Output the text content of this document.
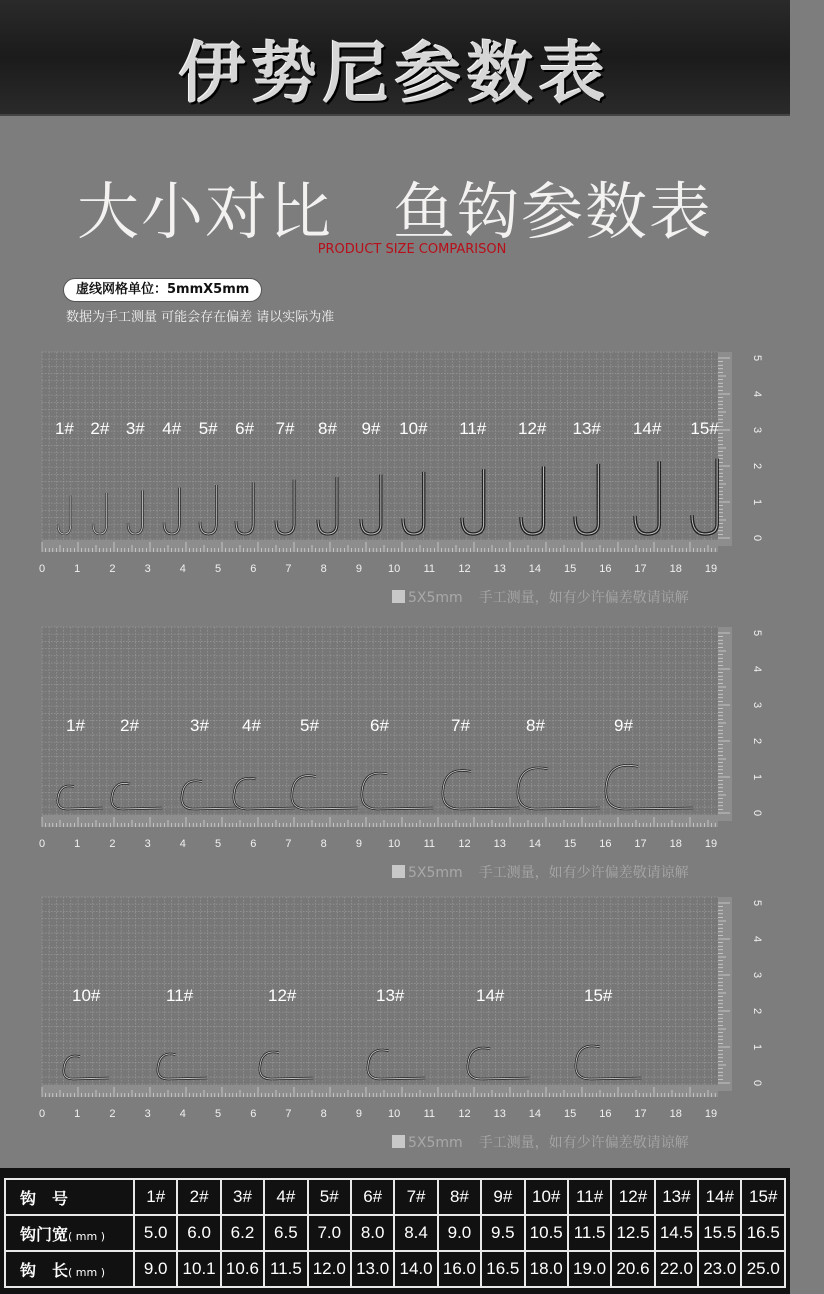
伊势尼参数表
大小对比 鱼钩参数表
PRODUCT SIZE COMPARISON
虚线网格单位：5mmX5mm
数据为手工测量 可能会存在偏差 请以实际为准
0	1	2	3	4	5	6	7	8	9 10 11 12 13 14 15 16 17 18 19
0
1
2
3
4
5
1# 2# 3# 4# 5# 6# 7# 8# 9# 10# 11# 12# 13# 14# 15#
0	1	2	3	4	5	6	7	8	9 10 11 12 13 14 15 16 17 18 19
0
1
2
3
4
5
1# 2#	3# 4# 5#	6#	7#	8#	9#
0	1	2	3	4	5	6	7	8	9 10 11 12 13 14 15 16 17 18 19
0
1
2
3
4
5
10#	11#	12#	13#	14#	15#
钩　号	1#	2#	3#	4#	5#	6#	7#	8#	9#	10#	11#	12#	13#	14#	15#
钩门宽( mm )	5.0	6.0	6.2	6.5	7.0	8.0	8.4	9.0	9.5	10.5	11.5	12.5	14.5	15.5	16.5
钩　长( mm )	9.0	10.1	10.6	11.5	12.0	13.0	14.0	16.0	16.5	18.0	19.0	20.6	22.0	23.0	25.0
5X5mm 手工测量，如有少许偏差敬请谅解
5X5mm 手工测量，如有少许偏差敬请谅解
5X5mm 手工测量，如有少许偏差敬请谅解
